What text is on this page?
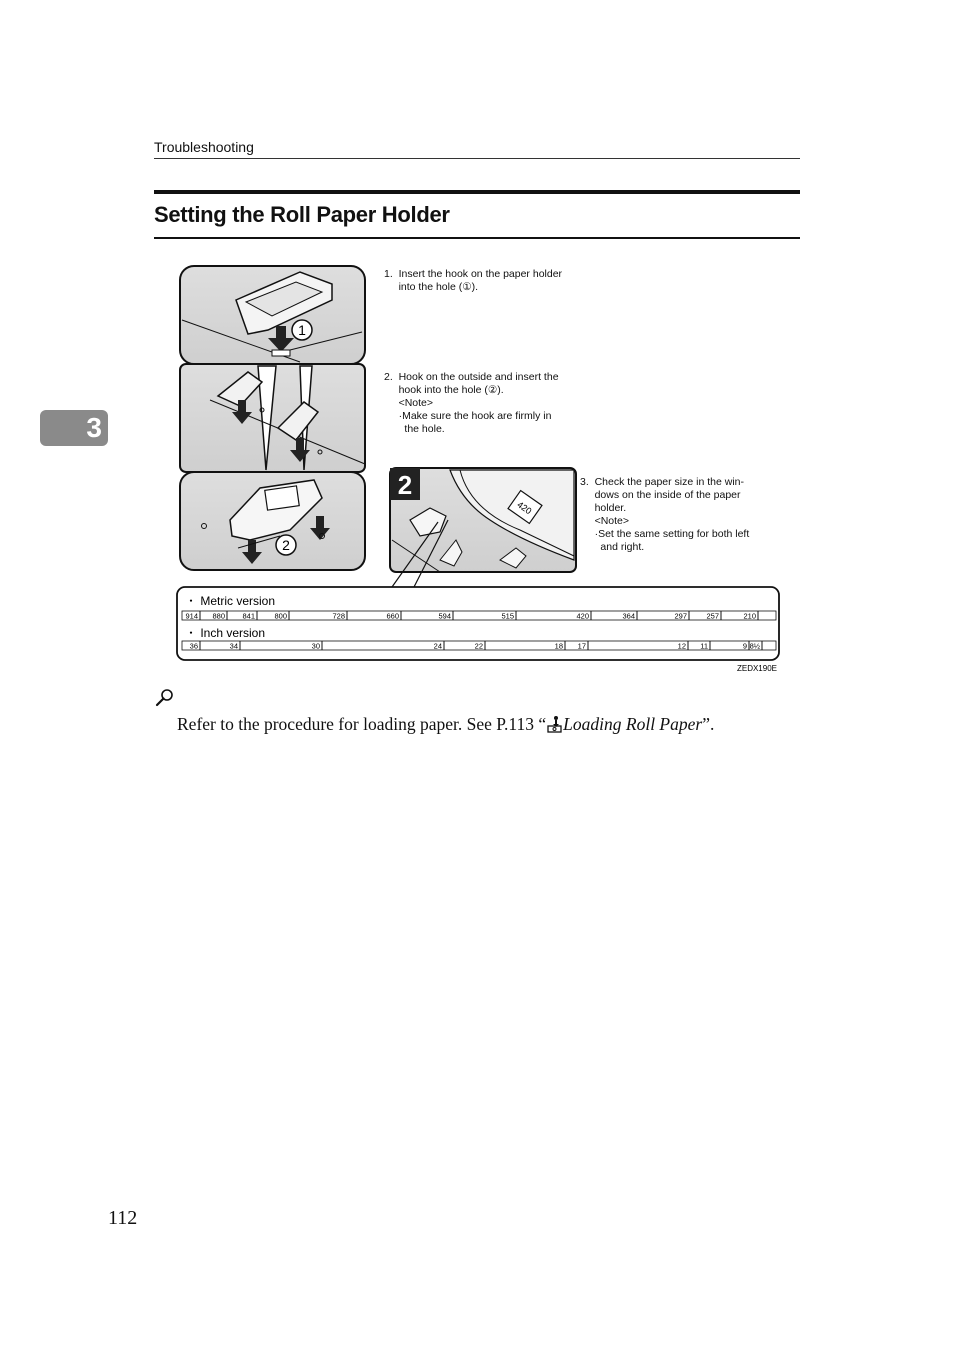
Troubleshooting
3
Setting the Roll Paper Holder
1
2
420
2
1.  Insert the hook on the paper holder
into the hole (①).
2.  Hook on the outside and insert the
hook into the hole (②).
<Note>
·Make sure the hook are firmly in
the hole.
3.  Check the paper size in the win-
dows on the inside of the paper
holder.
<Note>
·Set the same setting for both left
and right.
・ Metric version
914 880 841	800	728	660	594	515	420	364	297	257	210
・ Inch version
36	34	30	24	22	18 17	12 11	9 8½
ZEDX190E
Refer to the procedure for loading paper. See P.113 “ Loading Roll Paper”.
112
